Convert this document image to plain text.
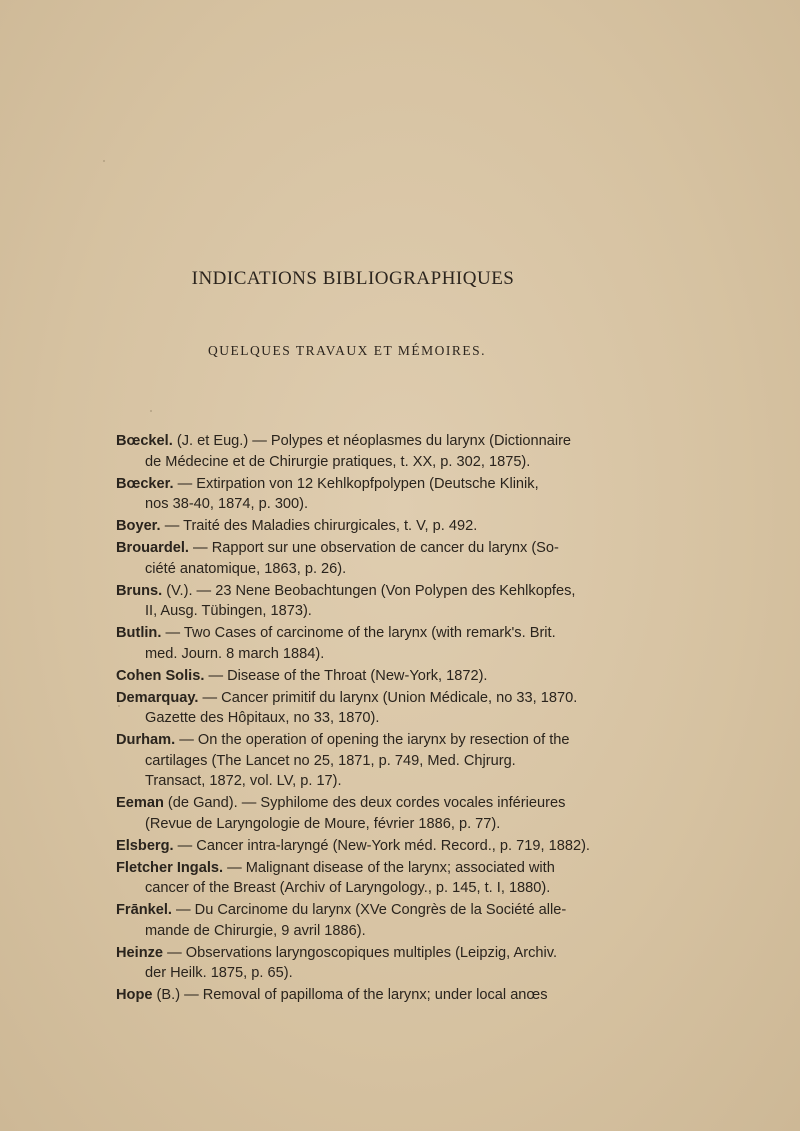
INDICATIONS BIBLIOGRAPHIQUES
QUELQUES TRAVAUX ET MÉMOIRES.
Bœckel. (J. et Eug.) — Polypes et néoplasmes du larynx (Dictionnaire
de Médecine et de Chirurgie pratiques, t. XX, p. 302, 1875).
Bœcker. — Extirpation von 12 Kehlkopfpolypen (Deutsche Klinik,
nos 38-40, 1874, p. 300).
Boyer. — Traité des Maladies chirurgicales, t. V, p. 492.
Brouardel. — Rapport sur une observation de cancer du larynx (So-
ciété anatomique, 1863, p. 26).
Bruns. (V.). — 23 Nene Beobachtungen (Von Polypen des Kehlkopfes,
II, Ausg. Tübingen, 1873).
Butlin. — Two Cases of carcinome of the larynx (with remark's. Brit.
med. Journ. 8 march 1884).
Cohen Solis. — Disease of the Throat (New-York, 1872).
Demarquay. — Cancer primitif du larynx (Union Médicale, no 33, 1870.
Gazette des Hôpitaux, no 33, 1870).
Durham. — On the operation of opening the iarynx by resection of the
cartilages (The Lancet no 25, 1871, p. 749, Med. Chjrurg.
Transact, 1872, vol. LV, p. 17).
Eeman (de Gand). — Syphilome des deux cordes vocales inférieures
(Revue de Laryngologie de Moure, février 1886, p. 77).
Elsberg. — Cancer intra-laryngé (New-York méd. Record., p. 719, 1882).
Fletcher Ingals. — Malignant disease of the larynx; associated with
cancer of the Breast (Archiv of Laryngology., p. 145, t. I, 1880).
Frānkel. — Du Carcinome du larynx (XVe Congrès de la Société alle-
mande de Chirurgie, 9 avril 1886).
Heinze — Observations laryngoscopiques multiples (Leipzig, Archiv.
der Heilk. 1875, p. 65).
Hope (B.) — Removal of papilloma of the larynx; under local anœs
